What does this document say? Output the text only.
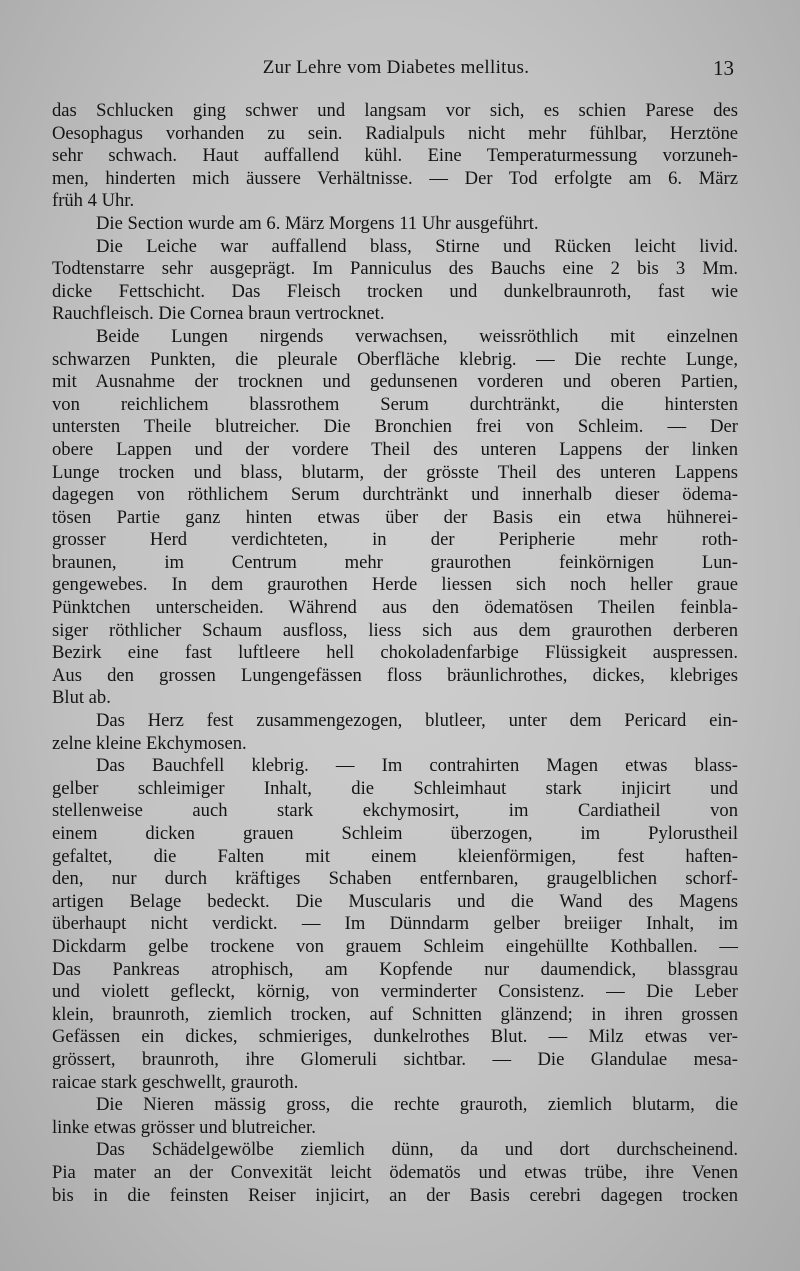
Zur Lehre vom Diabetes mellitus.	13
das Schlucken ging schwer und langsam vor sich, es schien Parese des
Oesophagus vorhanden zu sein. Radialpuls nicht mehr fühlbar, Herztöne
sehr schwach. Haut auffallend kühl. Eine Temperaturmessung vorzuneh-
men, hinderten mich äussere Verhältnisse. — Der Tod erfolgte am 6. März
früh 4 Uhr.
Die Section wurde am 6. März Morgens 11 Uhr ausgeführt.
Die Leiche war auffallend blass, Stirne und Rücken leicht livid.
Todtenstarre sehr ausgeprägt. Im Panniculus des Bauchs eine 2 bis 3 Mm.
dicke Fettschicht. Das Fleisch trocken und dunkelbraunroth, fast wie
Rauchfleisch. Die Cornea braun vertrocknet.
Beide Lungen nirgends verwachsen, weissröthlich mit einzelnen
schwarzen Punkten, die pleurale Oberfläche klebrig. — Die rechte Lunge,
mit Ausnahme der trocknen und gedunsenen vorderen und oberen Partien,
von reichlichem blassrothem Serum durchtränkt, die hintersten
untersten Theile blutreicher. Die Bronchien frei von Schleim. — Der
obere Lappen und der vordere Theil des unteren Lappens der linken
Lunge trocken und blass, blutarm, der grösste Theil des unteren Lappens
dagegen von röthlichem Serum durchtränkt und innerhalb dieser ödema-
tösen Partie ganz hinten etwas über der Basis ein etwa hühnerei-
grosser Herd verdichteten, in der Peripherie mehr roth-
braunen, im Centrum mehr graurothen feinkörnigen Lun-
gengewebes. In dem graurothen Herde liessen sich noch heller graue
Pünktchen unterscheiden. Während aus den ödematösen Theilen feinbla-
siger röthlicher Schaum ausfloss, liess sich aus dem graurothen derberen
Bezirk eine fast luftleere hell chokoladenfarbige Flüssigkeit auspressen.
Aus den grossen Lungengefässen floss bräunlichrothes, dickes, klebriges
Blut ab.
Das Herz fest zusammengezogen, blutleer, unter dem Pericard ein-
zelne kleine Ekchymosen.
Das Bauchfell klebrig. — Im contrahirten Magen etwas blass-
gelber schleimiger Inhalt, die Schleimhaut stark injicirt und
stellenweise auch stark ekchymosirt, im Cardiatheil von
einem dicken grauen Schleim überzogen, im Pylorustheil
gefaltet, die Falten mit einem kleienförmigen, fest haften-
den, nur durch kräftiges Schaben entfernbaren, graugelblichen schorf-
artigen Belage bedeckt. Die Muscularis und die Wand des Magens
überhaupt nicht verdickt. — Im Dünndarm gelber breiiger Inhalt, im
Dickdarm gelbe trockene von grauem Schleim eingehüllte Kothballen. —
Das Pankreas atrophisch, am Kopfende nur daumendick, blassgrau
und violett gefleckt, körnig, von verminderter Consistenz. — Die Leber
klein, braunroth, ziemlich trocken, auf Schnitten glänzend; in ihren grossen
Gefässen ein dickes, schmieriges, dunkelrothes Blut. — Milz etwas ver-
grössert, braunroth, ihre Glomeruli sichtbar. — Die Glandulae mesa-
raicae stark geschwellt, grauroth.
Die Nieren mässig gross, die rechte grauroth, ziemlich blutarm, die
linke etwas grösser und blutreicher.
Das Schädelgewölbe ziemlich dünn, da und dort durchscheinend.
Pia mater an der Convexität leicht ödematös und etwas trübe, ihre Venen
bis in die feinsten Reiser injicirt, an der Basis cerebri dagegen trocken
